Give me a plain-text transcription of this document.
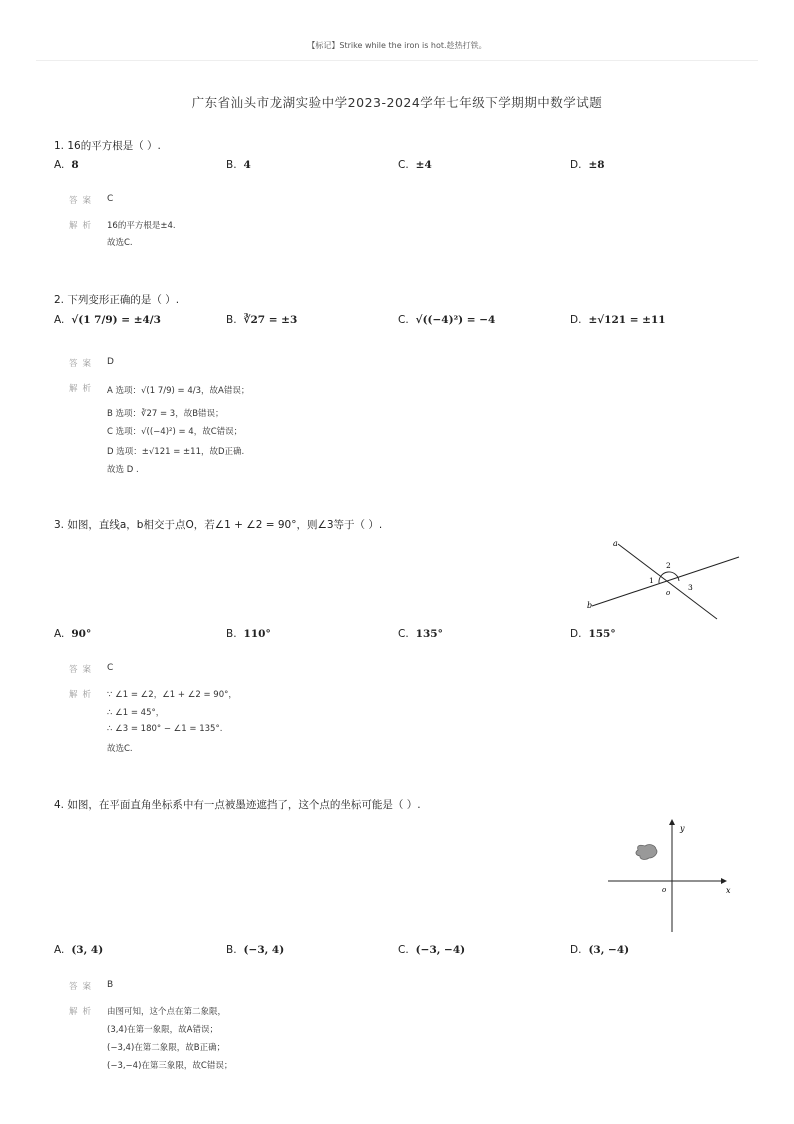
【标记】Strike while the iron is hot.趁热打铁。
广东省汕头市龙湖实验中学2023-2024学年七年级下学期期中数学试题
1. 16的平方根是（ ）.
A. 8	B. 4	C. ±4	D. ±8
答案 C
解析 16的平方根是±4.
故选C.
2. 下列变形正确的是（ ）.
A. √(1 7/9) = ±4/3	B. ∛27 = ±3	C. √((−4)²) = −4	D. ±√121 = ±11
答案 D
解析 A 选项：√(1 7/9) = 4/3，故A错误；
B 选项：∛27 = 3，故B错误；
C 选项：√((−4)²) = 4，故C错误；
D 选项：±√121 = ±11，故D正确.
故选 D .
3. 如图，直线a，b相交于点O，若∠1 + ∠2 = 90°，则∠3等于（ ）.
a
b
o
1
2
3
A. 90°	B. 110°	C. 135°	D. 155°
答案 C
解析 ∵ ∠1 = ∠2，∠1 + ∠2 = 90°，
∴ ∠1 = 45°，
∴ ∠3 = 180° − ∠1 = 135°.
故选C.
4. 如图，在平面直角坐标系中有一点被墨迹遮挡了，这个点的坐标可能是（ ）.
x
y
o
A. (3, 4)	B. (−3, 4)	C. (−3, −4)	D. (3, −4)
答案 B
解析 由图可知，这个点在第二象限，
(3,4)在第一象限，故A错误；
(−3,4)在第二象限，故B正确；
(−3,−4)在第三象限，故C错误；
